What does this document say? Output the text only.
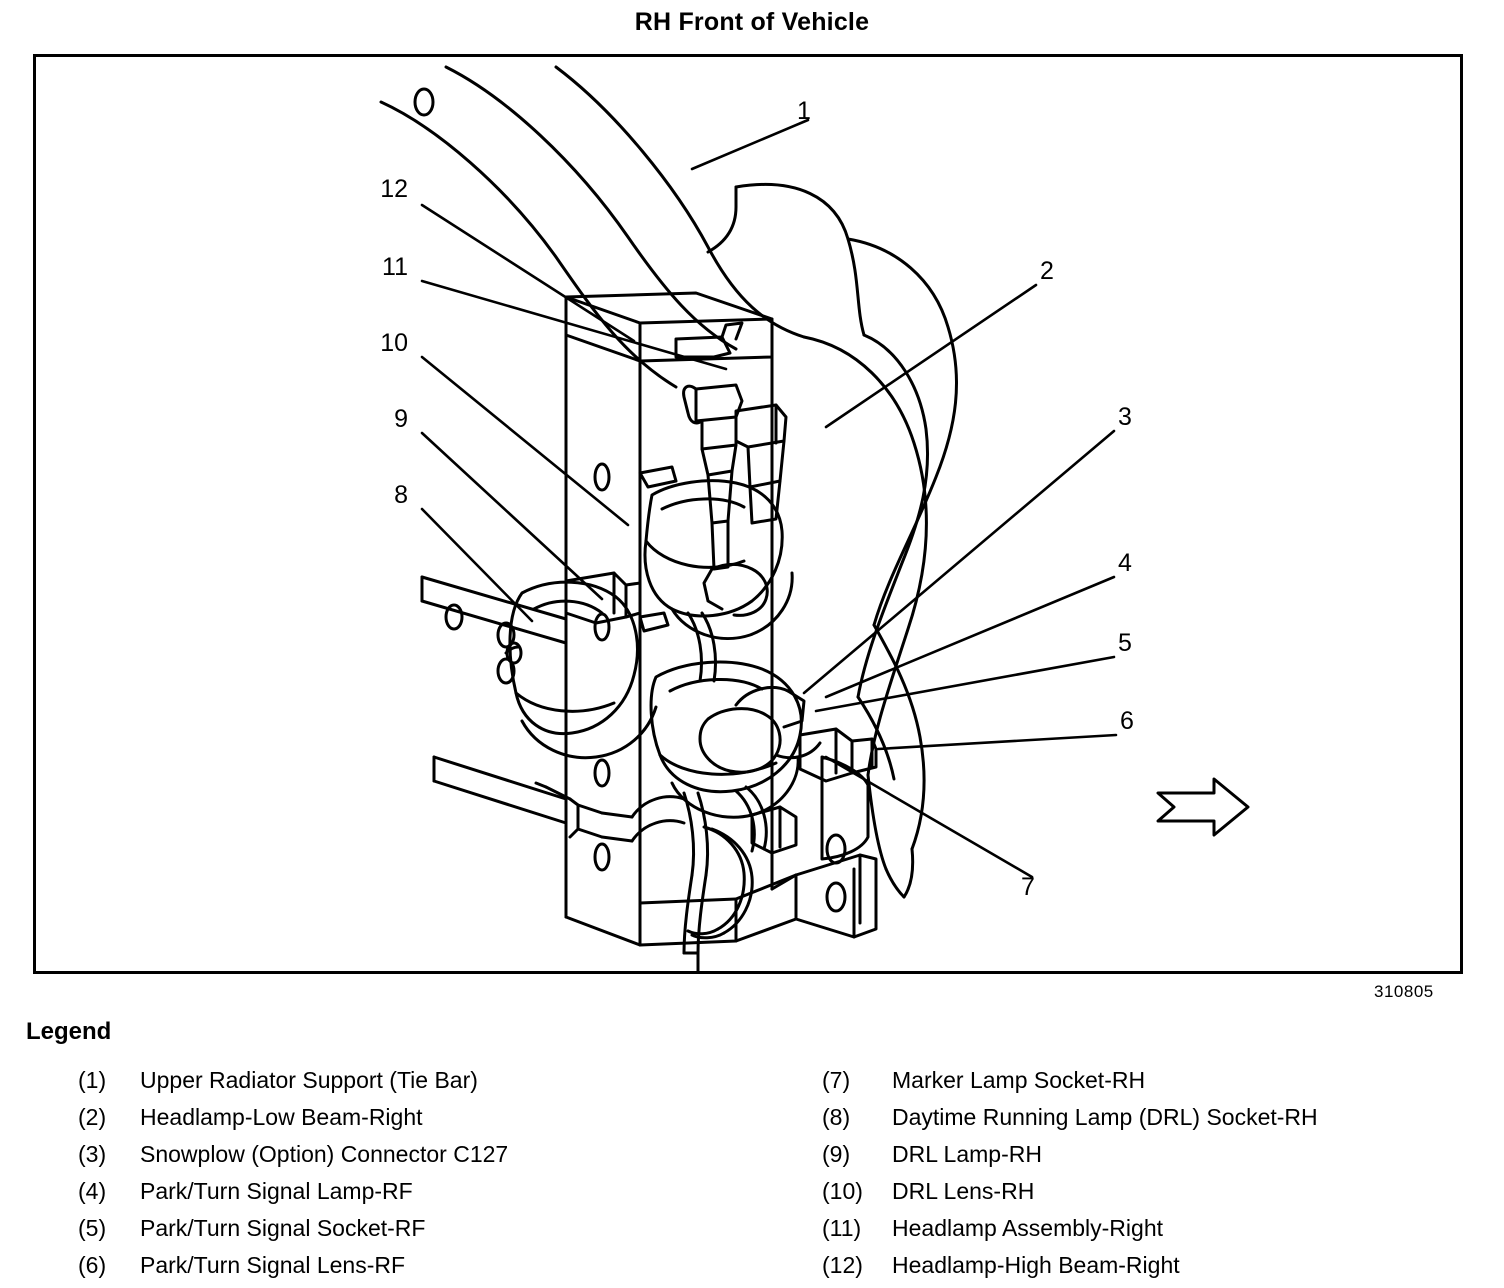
RH Front of Vehicle
1
12
11
10
9
8
2
3
4
5
6
7
310805
Legend
(1)	Upper Radiator Support (Tie Bar)
(2)	Headlamp-Low Beam-Right
(3)	Snowplow (Option) Connector C127
(4)	Park/Turn Signal Lamp-RF
(5)	Park/Turn Signal Socket-RF
(6)	Park/Turn Signal Lens-RF
(7)	Marker Lamp Socket-RH
(8)	Daytime Running Lamp (DRL) Socket-RH
(9)	DRL Lamp-RH
(10)	DRL Lens-RH
(11)	Headlamp Assembly-Right
(12)	Headlamp-High Beam-Right
